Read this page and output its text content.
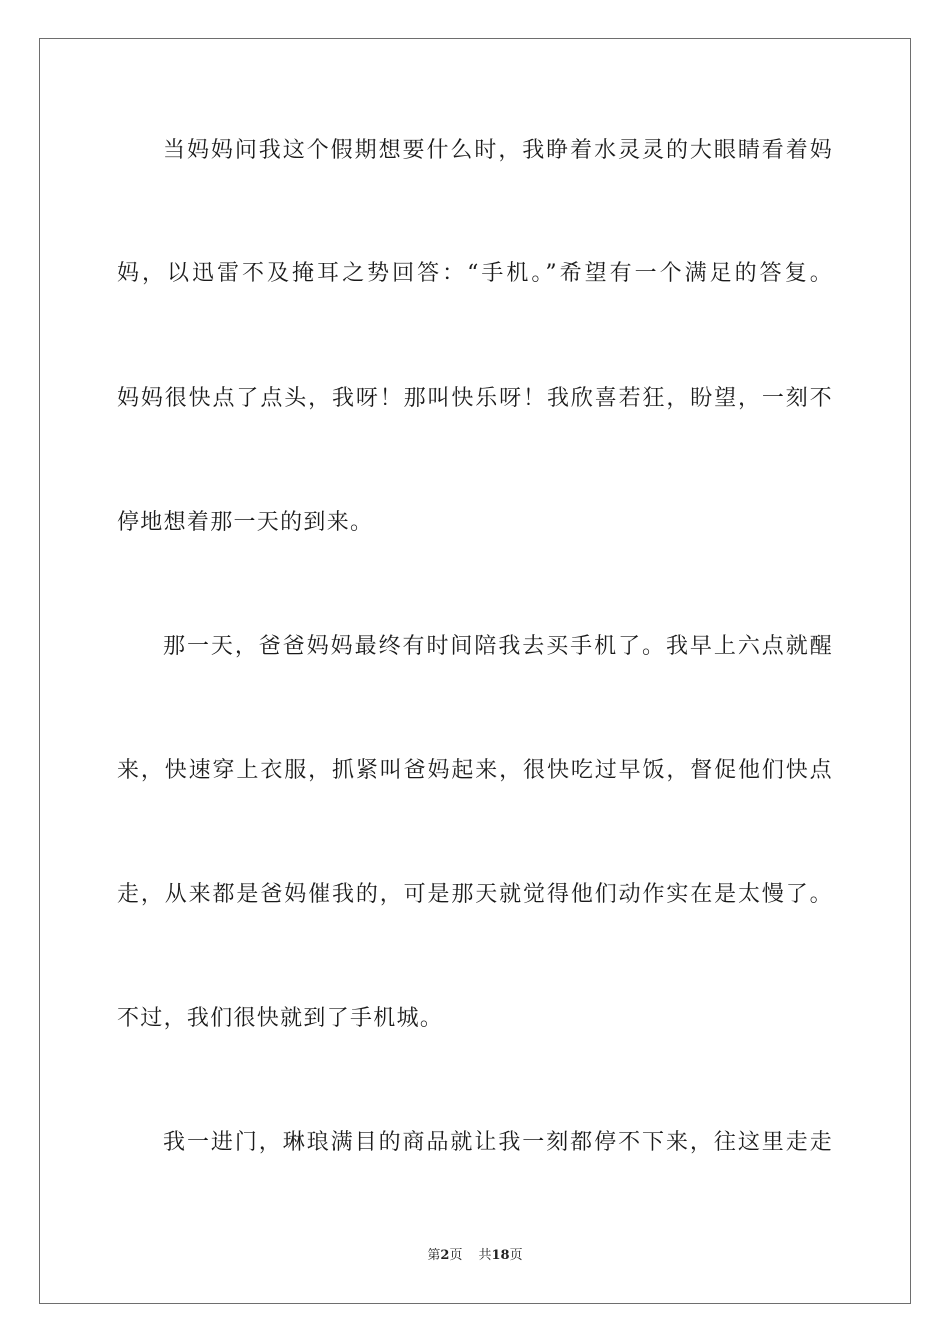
当妈妈问我这个假期想要什么时，我睁着水灵灵的大眼睛看着妈
妈，以迅雷不及掩耳之势回答：“手机。”希望有一个满足的答复。
妈妈很快点了点头，我呀！那叫快乐呀！我欣喜若狂，盼望，一刻不
停地想着那一天的到来。
那一天，爸爸妈妈最终有时间陪我去买手机了。我早上六点就醒
来，快速穿上衣服，抓紧叫爸妈起来，很快吃过早饭，督促他们快点
走，从来都是爸妈催我的，可是那天就觉得他们动作实在是太慢了。
不过，我们很快就到了手机城。
我一进门，琳琅满目的商品就让我一刻都停不下来，往这里走走
第2页 共18页
